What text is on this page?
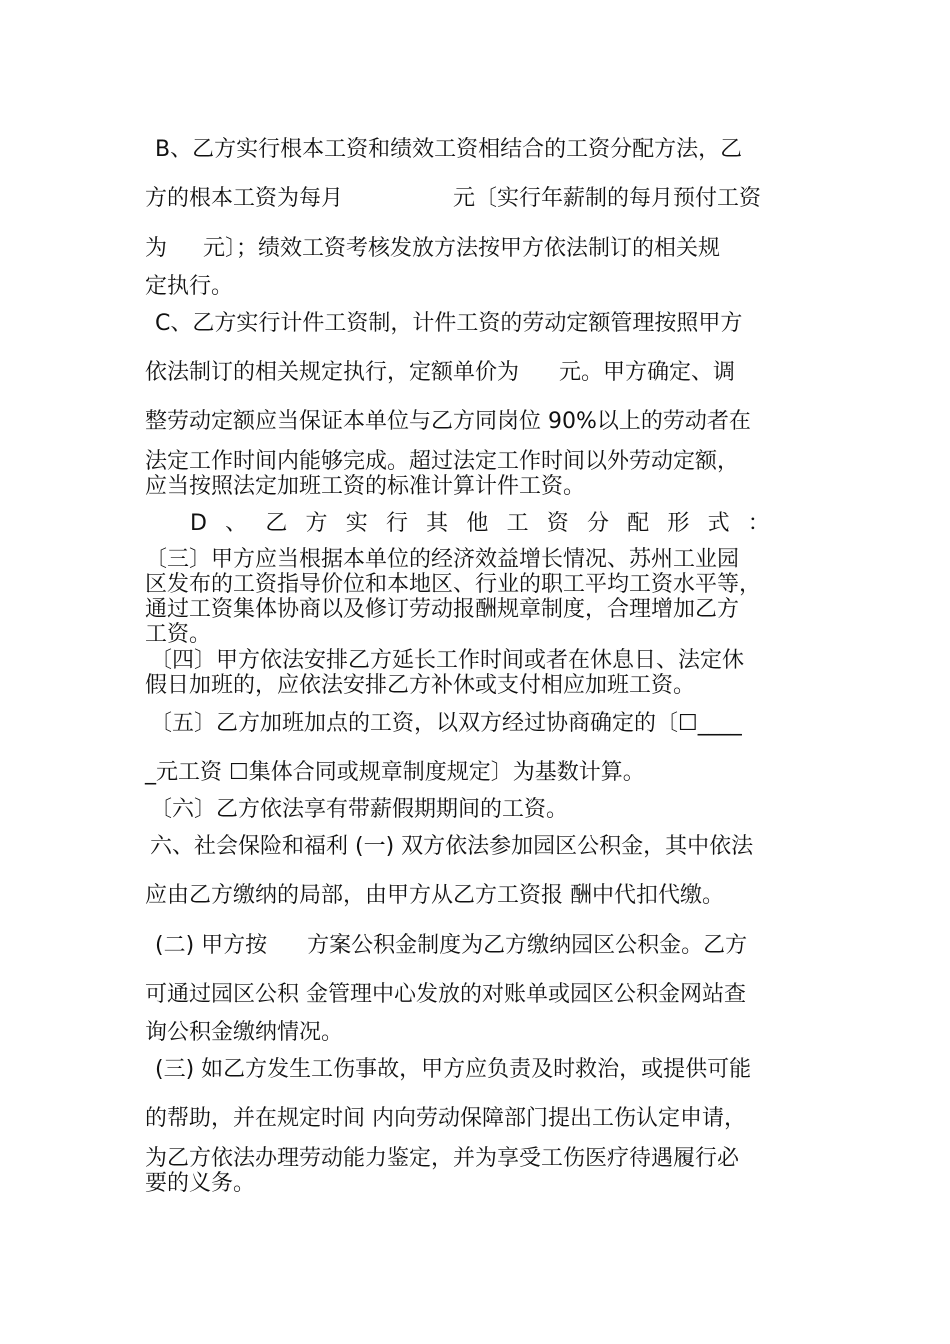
B、乙方实行根本工资和绩效工资相结合的工资分配方法，乙
方的根本工资为每月	元〔实行年薪制的每月预付工资
为 元〕；绩效工资考核发放方法按甲方依法制订的相关规
定执行。
C、乙方实行计件工资制，计件工资的劳动定额管理按照甲方
依法制订的相关规定执行，定额单价为 元。甲方确定、调
整劳动定额应当保证本单位与乙方同岗位 90%以上的劳动者在
法定工作时间内能够完成。超过法定工作时间以外劳动定额，
应当按照法定加班工资的标准计算计件工资。
D 、 乙 方 实 行 其 他 工 资 分 配 形 式 ：
〔三〕甲方应当根据本单位的经济效益增长情况、苏州工业园
区发布的工资指导价位和本地区、行业的职工平均工资水平等，
通过工资集体协商以及修订劳动报酬规章制度，合理增加乙方
工资。
〔四〕甲方依法安排乙方延长工作时间或者在休息日、法定休
假日加班的，应依法安排乙方补休或支付相应加班工资。
〔五〕乙方加班加点的工资，以双方经过协商确定的〔☐____
_元工资 ☐集体合同或规章制度规定〕为基数计算。
〔六〕乙方依法享有带薪假期期间的工资。
六、社会保险和福利 (一) 双方依法参加园区公积金，其中依法
应由乙方缴纳的局部，由甲方从乙方工资报 酬中代扣代缴。
(二) 甲方按 方案公积金制度为乙方缴纳园区公积金。乙方
可通过园区公积 金管理中心发放的对账单或园区公积金网站查
询公积金缴纳情况。
(三) 如乙方发生工伤事故，甲方应负责及时救治，或提供可能
的帮助，并在规定时间 内向劳动保障部门提出工伤认定申请，
为乙方依法办理劳动能力鉴定，并为享受工伤医疗待遇履行必
要的义务。
